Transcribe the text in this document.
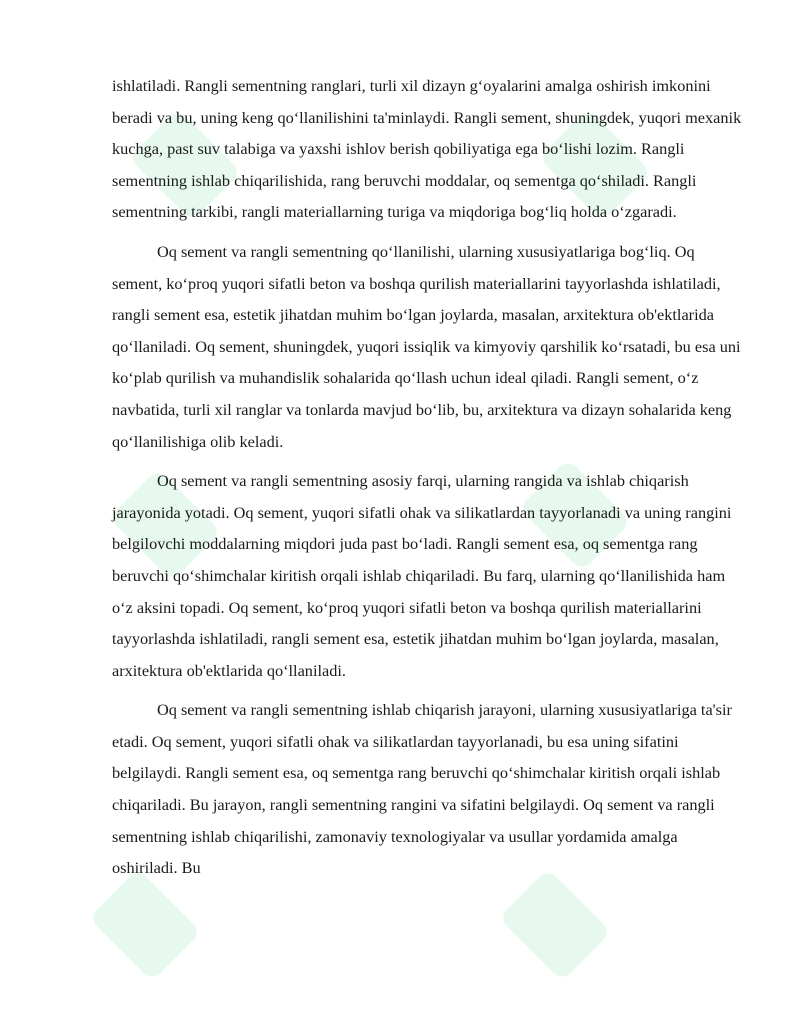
ishlatiladi. Rangli sementning ranglari, turli xil dizayn g‘oyalarini amalga oshirish imkonini beradi va bu, uning keng qo‘llanilishini ta'minlaydi. Rangli sement, shuningdek, yuqori mexanik kuchga, past suv talabiga va yaxshi ishlov berish qobiliyatiga ega bo‘lishi lozim. Rangli sementning ishlab chiqarilishida, rang beruvchi moddalar, oq sementga qo‘shiladi. Rangli sementning tarkibi, rangli materiallarning turiga va miqdoriga bog‘liq holda o‘zgaradi.

Oq sement va rangli sementning qo‘llanilishi, ularning xususiyatlariga bog‘liq. Oq sement, ko‘proq yuqori sifatli beton va boshqa qurilish materiallarini tayyorlashda ishlatiladi, rangli sement esa, estetik jihatdan muhim bo‘lgan joylarda, masalan, arxitektura ob'ektlarida qo‘llaniladi. Oq sement, shuningdek, yuqori issiqlik va kimyoviy qarshilik ko‘rsatadi, bu esa uni ko‘plab qurilish va muhandislik sohalarida qo‘llash uchun ideal qiladi. Rangli sement, o‘z navbatida, turli xil ranglar va tonlarda mavjud bo‘lib, bu, arxitektura va dizayn sohalarida keng qo‘llanilishiga olib keladi.

Oq sement va rangli sementning asosiy farqi, ularning rangida va ishlab chiqarish jarayonida yotadi. Oq sement, yuqori sifatli ohak va silikatlardan tayyorlanadi va uning rangini belgilovchi moddalarning miqdori juda past bo‘ladi. Rangli sement esa, oq sementga rang beruvchi qo‘shimchalar kiritish orqali ishlab chiqariladi. Bu farq, ularning qo‘llanilishida ham o‘z aksini topadi. Oq sement, ko‘proq yuqori sifatli beton va boshqa qurilish materiallarini tayyorlashda ishlatiladi, rangli sement esa, estetik jihatdan muhim bo‘lgan joylarda, masalan, arxitektura ob'ektlarida qo‘llaniladi.

Oq sement va rangli sementning ishlab chiqarish jarayoni, ularning xususiyatlariga ta'sir etadi. Oq sement, yuqori sifatli ohak va silikatlardan tayyorlanadi, bu esa uning sifatini belgilaydi. Rangli sement esa, oq sementga rang beruvchi qo‘shimchalar kiritish orqali ishlab chiqariladi. Bu jarayon, rangli sementning rangini va sifatini belgilaydi. Oq sement va rangli sementning ishlab chiqarilishi, zamonaviy texnologiyalar va usullar yordamida amalga oshiriladi. Bu
